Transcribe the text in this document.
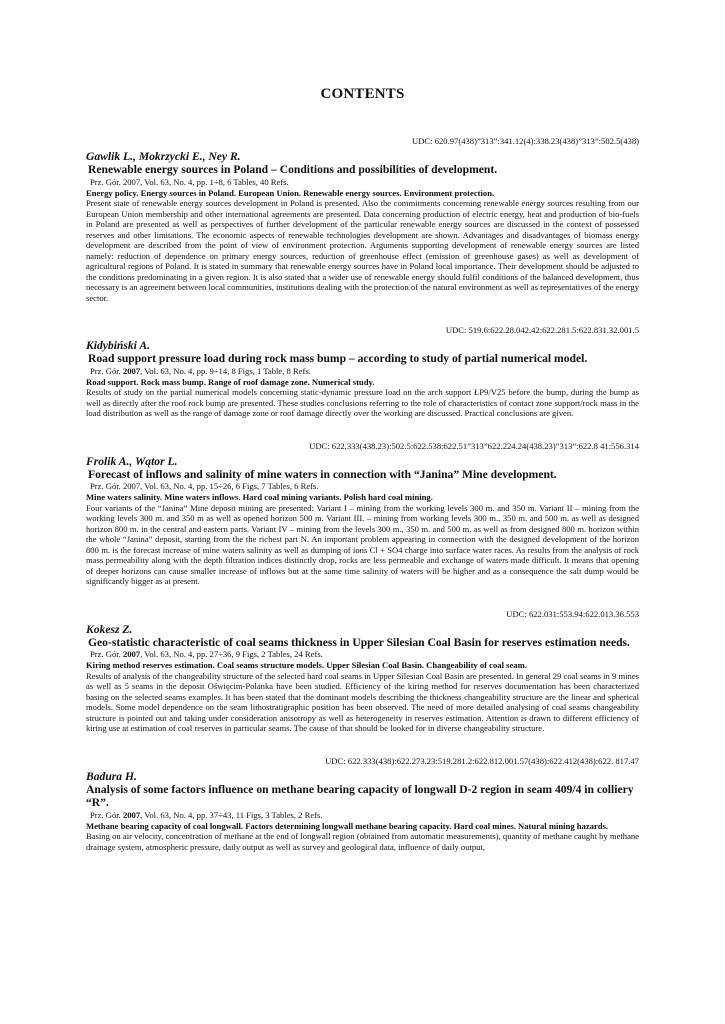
CONTENTS
UDC: 620.97(438)”313”:341.12(4):338.23(438)”313”:502.5(438)
Gawlik L., Mokrzycki E., Ney R.
Renewable energy sources in Poland – Conditions and possibilities of development.
Prz. Gór. 2007, Vol. 63, No. 4, pp. 1÷8, 6 Tables, 40 Refs.
Energy policy. Energy sources in Poland. European Union. Renewable energy sources. Environment protection.
Present state of renewable energy sources development in Poland is presented. Also the commitments concerning renewable energy sources resulting from our European Union membership and other international agreements are presented. Data concerning production of electric energy, heat and production of bio-fuels in Poland are presented as well as perspectives of further development of the particular renewable energy sources are discussed in the context of possessed reserves and other limitations. The economic aspects of renewable technologies development are shown. Advantages and disadvantages of biomass energy development are described from the point of view of environment protection. Arguments supporting development of renewable energy sources are listed namely: reduction of dependence on primary energy sources, reduction of greenhouse effect (emission of greenhouse gases) as well as development of agricultural regions of Poland. It is stated in summary that renewable energy sources have in Poland local importance. Their development should be adjusted to the conditions predominating in a given region. It is also stated that a wider use of renewable energy should fulfil conditions of the balanced development, thus necessary is an agreement between local communities, institutions dealing with the protection of the natural environment as well as representatives of the energy sector.
UDC: 519.6:622.28.042.42:622.281.5:622.831.32.001.5
Kidybiński A.
Road support pressure load during rock mass bump – according to study of partial numerical model.
Prz. Gór. 2007, Vol. 63, No. 4, pp. 9÷14, 8 Figs, 1 Table, 8 Refs.
Road support. Rock mass bump. Range of roof damage zone. Numerical study.
Results of study on the partial numerical models concerning static-dynamic pressure load on the arch support ŁP9/V25 before the bump, during the bump as well as directly after the roof rock bump are presented. These studies conclusions referring to the role of characteristics of contact zone support/rock mass in the load distribution as well as the range of damage zone or roof damage directly over the working are discussed. Practical conclusions are given.
UDC: 622.333(438.23):502.5:622.538:622.51”313”622.224.24(438.23)”313”:622.8 41:556.314
Frolik A., Wątor L.
Forecast of inflows and salinity of mine waters in connection with “Janina” Mine development.
Prz. Gór. 2007, Vol. 63, No. 4, pp. 15÷26, 6 Figs, 7 Tables, 6 Refs.
Mine waters salinity. Mine waters inflows. Hard coal mining variants. Polish hard coal mining.
Four variants of the “Janina” Mine deposit mining are presented: Variant I – mining from the working levels 300 m. and 350 m. Variant II – mining from the working levels 300 m. and 350 m as well as opened horizon 500 m. Variant III. – mining from working levels 300 m., 350 m. and 500 m. as well as designed horizon 800 m. in the central and eastern parts. Variant IV – mining from the levels 300 m., 350 m. and 500 m. as well as from designed 800 m. horizon within the whole “Janina” deposit, starting from the the richest part N. An important problem appearing in connection with the designed development of the horizon 800 m. is the forecast increase of mine waters salinity as well as dumping of ions Cl + SO4 charge into surface water races. As results from the analysis of rock mass permeability along with the depth filtration indices distinctly drop, rocks are less permeable and exchange of waters made difficult. It means that opening of deeper horizons can cause smaller increase of inflows but at the same time salinity of waters will be higher and as a consequence the salt dump would be significantly bigger as at present.
UDC: 622.031:553.94:622.013.36.553
Kokesz Z.
Geo-statistic characteristic of coal seams thickness in Upper Silesian Coal Basin for reserves estimation needs.
Prz. Gór. 2007, Vol. 63, No. 4, pp. 27÷36, 9 Figs, 2 Tables, 24 Refs.
Kiring method reserves estimation. Coal seams structure models. Upper Silesian Coal Basin. Changeability of coal seam.
Results of analysis of the changeability structure of the selected hard coal seams in Upper Silesian Coal Basin are presented. In general 29 coal seams in 9 mines as well as 5 seams in the deposit Oświęcim-Polanka have been studied. Efficiency of the kiring method for reserves documentation has been characterized basing on the selected seams examples. It has been stated that the dominant models describing the thickness changeability structure are the linear and spherical models. Some model dependence on the seam lithostratigraphic position has been observed. The need of more detailed analysing of coal seams changeability structure is pointed out and taking under consideration anisotropy as well as heterogeneity in reserves estimation. Attention is drawn to different efficiency of kiring use at estimation of coal reserves in particular seams. The cause of that should be looked for in diverse changeability structure.
UDC: 622.333(438):622.273.23:519.281.2:622.812.001.57(438):622.412(438):622. 817.47
Badura H.
Analysis of some factors influence on methane bearing capacity of longwall D-2 region in seam 409/4 in colliery “R”.
Prz. Gór. 2007, Vol. 63, No. 4, pp. 37÷43, 11 Figs, 3 Tables, 2 Refs.
Methane bearing capacity of coal longwall. Factors determining longwall methane bearing capacity. Hard coal mines. Natural mining hazards.
Basing on air velocity, concentration of methane at the end of longwall region (obtained from automatic measurements), quantity of methane caught by methane drainage system, atmospheric pressure, daily output as well as survey and geological data, influence of daily output,
